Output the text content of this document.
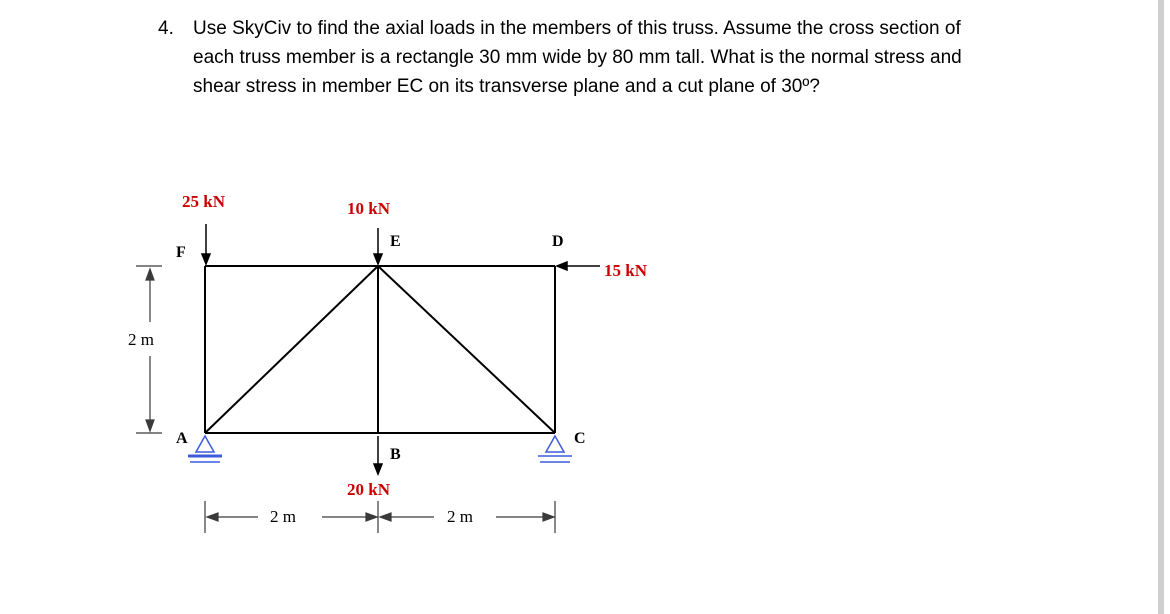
4. Use SkyCiv to find the axial loads in the members of this truss. Assume the cross section of
each truss member is a rectangle 30 mm wide by 80 mm tall. What is the normal stress and
shear stress in member EC on its transverse plane and a cut plane of 30º?
F
E	D
A
B
C
25 kN	10 kN
15 kN
20 kN
2 m
2 m	2 m
